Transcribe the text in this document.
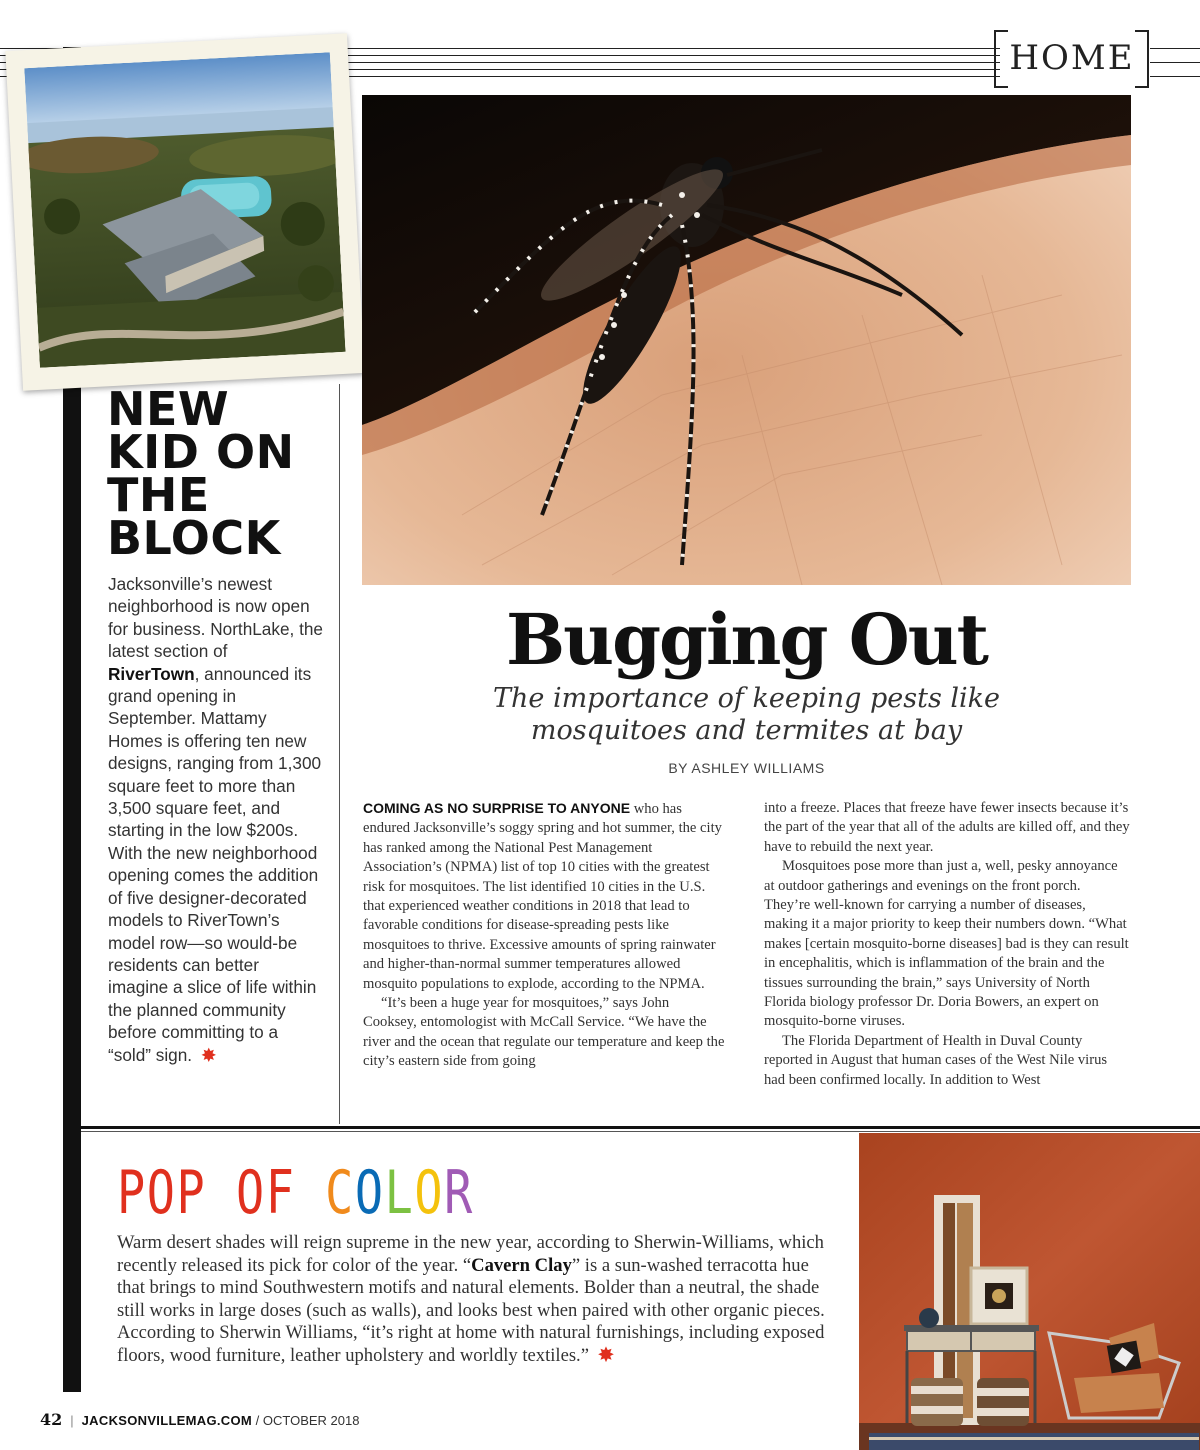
HOME
NEW
KID ON
THE
BLOCK
Jacksonville’s newest neighborhood is now open for business. NorthLake, the latest section of RiverTown, announced its grand opening in September. Mattamy Homes is offering ten new designs, ranging from 1,300 square feet to more than 3,500 square feet, and starting in the low $200s. With the new neighborhood opening comes the addition of five designer-decorated models to RiverTown’s model row—so would-be residents can better imagine a slice of life within the planned community before committing to a “sold” sign. ✸
Bugging Out
The importance of keeping pests like
mosquitoes and termites at bay
BY ASHLEY WILLIAMS

COMING AS NO SURPRISE TO ANYONE who has endured Jacksonville’s soggy spring and hot summer, the city has ranked among the National Pest Management Association’s (NPMA) list of top 10 cities with the greatest risk for mosquitoes. The list identified 10 cities in the U.S. that experienced weather conditions in 2018 that lead to favorable conditions for disease-spreading pests like mosquitoes to thrive. Excessive amounts of spring rainwater and higher-than-normal summer temperatures allowed mosquito populations to explode, according to the NPMA.

“It’s been a huge year for mosquitoes,” says John Cooksey, entomologist with McCall Service. “We have the river and the ocean that regulate our temperature and keep the city’s eastern side from going

into a freeze. Places that freeze have fewer insects because it’s the part of the year that all of the adults are killed off, and they have to rebuild the next year.

Mosquitoes pose more than just a, well, pesky annoyance at outdoor gatherings and evenings on the front porch. They’re well-known for carrying a number of diseases, making it a major priority to keep their numbers down. “What makes [certain mosquito-borne diseases] bad is they can result in encephalitis, which is inflammation of the brain and the tissues surrounding the brain,” says University of North Florida biology professor Dr. Doria Bowers, an expert on mosquito-borne viruses.

The Florida Department of Health in Duval County reported in August that human cases of the West Nile virus had been confirmed locally. In addition to West

POP OF COLOR
Warm desert shades will reign supreme in the new year, according to Sherwin-Williams, which recently released its pick for color of the year. “Cavern Clay” is a sun-washed terracotta hue that brings to mind Southwestern motifs and natural elements. Bolder than a neutral, the shade still works in large doses (such as walls), and looks best when paired with other organic pieces. According to Sherwin Williams, “it’s right at home with natural furnishings, including exposed floors, wood furniture, leather upholstery and worldly textiles.” ✸
42 | JACKSONVILLEMAG.COM / OCTOBER 2018
